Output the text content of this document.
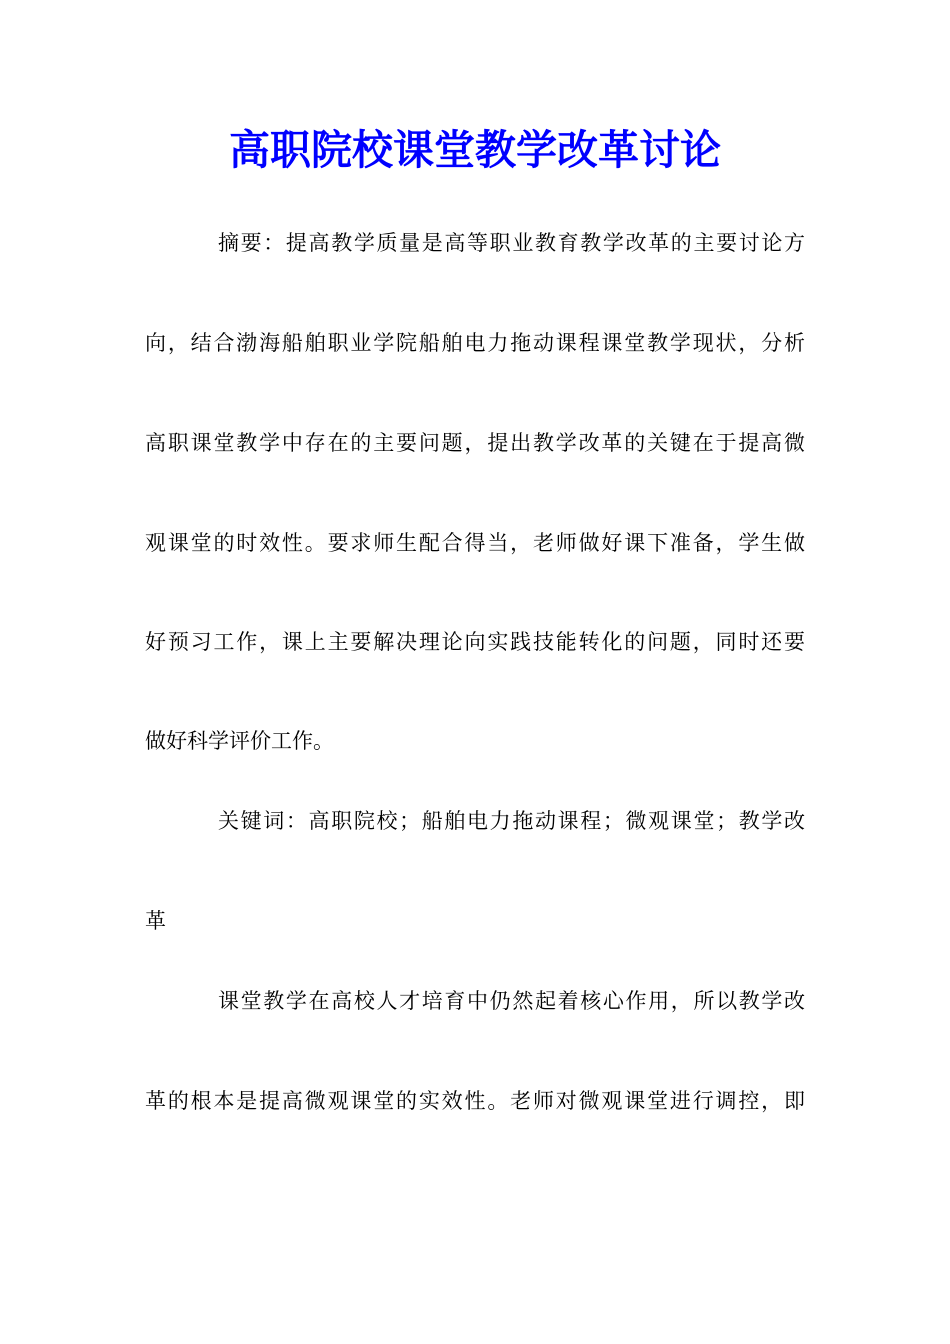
高职院校课堂教学改革讨论
摘要：提高教学质量是高等职业教育教学改革的主要讨论方
向，结合渤海船舶职业学院船舶电力拖动课程课堂教学现状，分析
高职课堂教学中存在的主要问题，提出教学改革的关键在于提高微
观课堂的时效性。要求师生配合得当，老师做好课下准备，学生做
好预习工作，课上主要解决理论向实践技能转化的问题，同时还要
做好科学评价工作。
关键词：高职院校；船舶电力拖动课程；微观课堂；教学改
革
课堂教学在高校人才培育中仍然起着核心作用，所以教学改
革的根本是提高微观课堂的实效性。老师对微观课堂进行调控，即
